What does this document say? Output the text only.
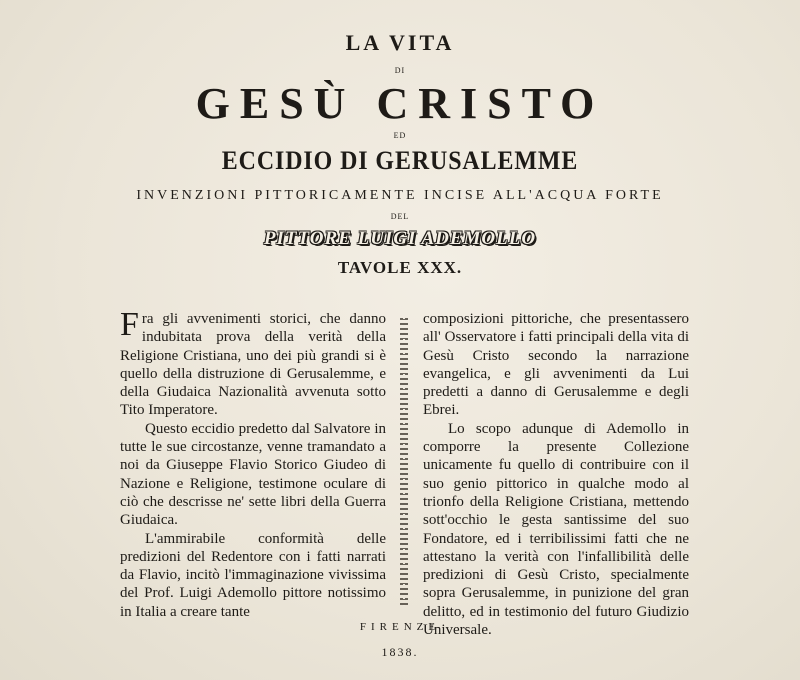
LA VITA
DI
GESÙ CRISTO
ED
ECCIDIO DI GERUSALEMME
INVENZIONI PITTORICAMENTE INCISE ALL'ACQUA FORTE
DEL
PITTORE LUIGI ADEMOLLO
TAVOLE XXX.

Fra gli avvenimenti storici, che danno indubitata prova della verità della Religione Cristiana, uno dei più grandi si è quello della distruzione di Gerusalemme, e della Giudaica Nazionalità avvenuta sotto Tito Imperatore.

Questo eccidio predetto dal Salvatore in tutte le sue circostanze, venne tramandato a noi da Giuseppe Flavio Storico Giudeo di Nazione e Religione, testimone oculare di ciò che descrisse ne' sette libri della Guerra Giudaica.

L'ammirabile conformità delle predizioni del Redentore con i fatti narrati da Flavio, incitò l'immaginazione vivissima del Prof. Luigi Ademollo pittore notissimo in Italia a creare tante

composizioni pittoriche, che presentassero all' Osservatore i fatti principali della vita di Gesù Cristo secondo la narrazione evangelica, e gli avvenimenti da Lui predetti a danno di Gerusalemme e degli Ebrei.

Lo scopo adunque di Ademollo in comporre la presente Collezione unicamente fu quello di contribuire con il suo genio pittorico in qualche modo al trionfo della Religione Cristiana, mettendo sott'occhio le gesta santissime del suo Fondatore, ed i terribilissimi fatti che ne attestano la verità con l'infallibilità delle predizioni di Gesù Cristo, specialmente sopra Gerusalemme, in punizione del gran delitto, ed in testimonio del futuro Giudizio Universale.

FIRENZE
1838.
